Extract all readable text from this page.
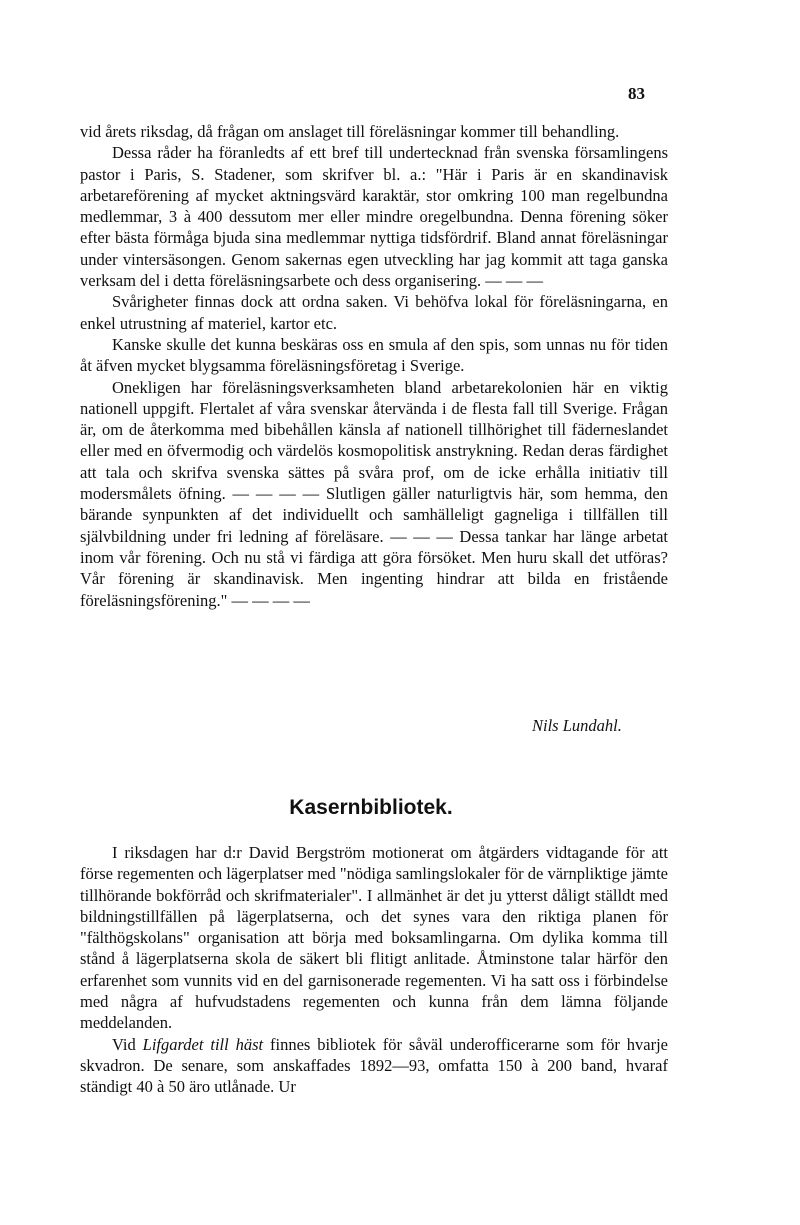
83

vid årets riksdag, då frågan om anslaget till föreläsningar kommer till behandling.

Dessa råder ha föranledts af ett bref till undertecknad från svenska församlingens pastor i Paris, S. Stadener, som skrifver bl. a.: "Här i Paris är en skandinavisk arbetareförening af mycket aktningsvärd karaktär, stor omkring 100 man regelbundna medlemmar, 3 à 400 dessutom mer eller mindre oregelbundna. Denna förening söker efter bästa förmåga bjuda sina medlemmar nyttiga tidsfördrif. Bland annat föreläsningar under vintersäsongen. Genom sakernas egen utveckling har jag kommit att taga ganska verksam del i detta föreläsningsarbete och dess organisering. — — —

Svårigheter finnas dock att ordna saken. Vi behöfva lokal för föreläsningarna, en enkel utrustning af materiel, kartor etc.

Kanske skulle det kunna beskäras oss en smula af den spis, som unnas nu för tiden åt äfven mycket blygsamma föreläsningsföretag i Sverige.

Onekligen har föreläsningsverksamheten bland arbetarekolonien här en viktig nationell uppgift. Flertalet af våra svenskar återvända i de flesta fall till Sverige. Frågan är, om de återkomma med bibehållen känsla af nationell tillhörighet till fäderneslandet eller med en öfvermodig och värdelös kosmopolitisk anstrykning. Redan deras färdighet att tala och skrifva svenska sättes på svåra prof, om de icke erhålla initiativ till modersmålets öfning. — — — — Slutligen gäller naturligtvis här, som hemma, den bärande synpunkten af det individuellt och samhälleligt gagneliga i tillfällen till självbildning under fri ledning af föreläsare. — — — Dessa tankar har länge arbetat inom vår förening. Och nu stå vi färdiga att göra försöket. Men huru skall det utföras? Vår förening är skandinavisk. Men ingenting hindrar att bilda en fristående föreläsningsförening." — — — —

Nils Lundahl.
Kasernbibliotek.

I riksdagen har d:r David Bergström motionerat om åtgärders vidtagande för att förse regementen och lägerplatser med "nödiga samlingslokaler för de värnpliktige jämte tillhörande bokförråd och skrifmaterialer". I allmänhet är det ju ytterst dåligt ställdt med bildningstillfällen på lägerplatserna, och det synes vara den riktiga planen för "fälthögskolans" organisation att börja med boksamlingarna. Om dylika komma till stånd å lägerplatserna skola de säkert bli flitigt anlitade. Åtminstone talar härför den erfarenhet som vunnits vid en del garnisonerade regementen. Vi ha satt oss i förbindelse med några af hufvudstadens regementen och kunna från dem lämna följande meddelanden.

Vid Lifgardet till häst finnes bibliotek för såväl underofficerarne som för hvarje skvadron. De senare, som anskaffades 1892—93, omfatta 150 à 200 band, hvaraf ständigt 40 à 50 äro utlånade. Ur
